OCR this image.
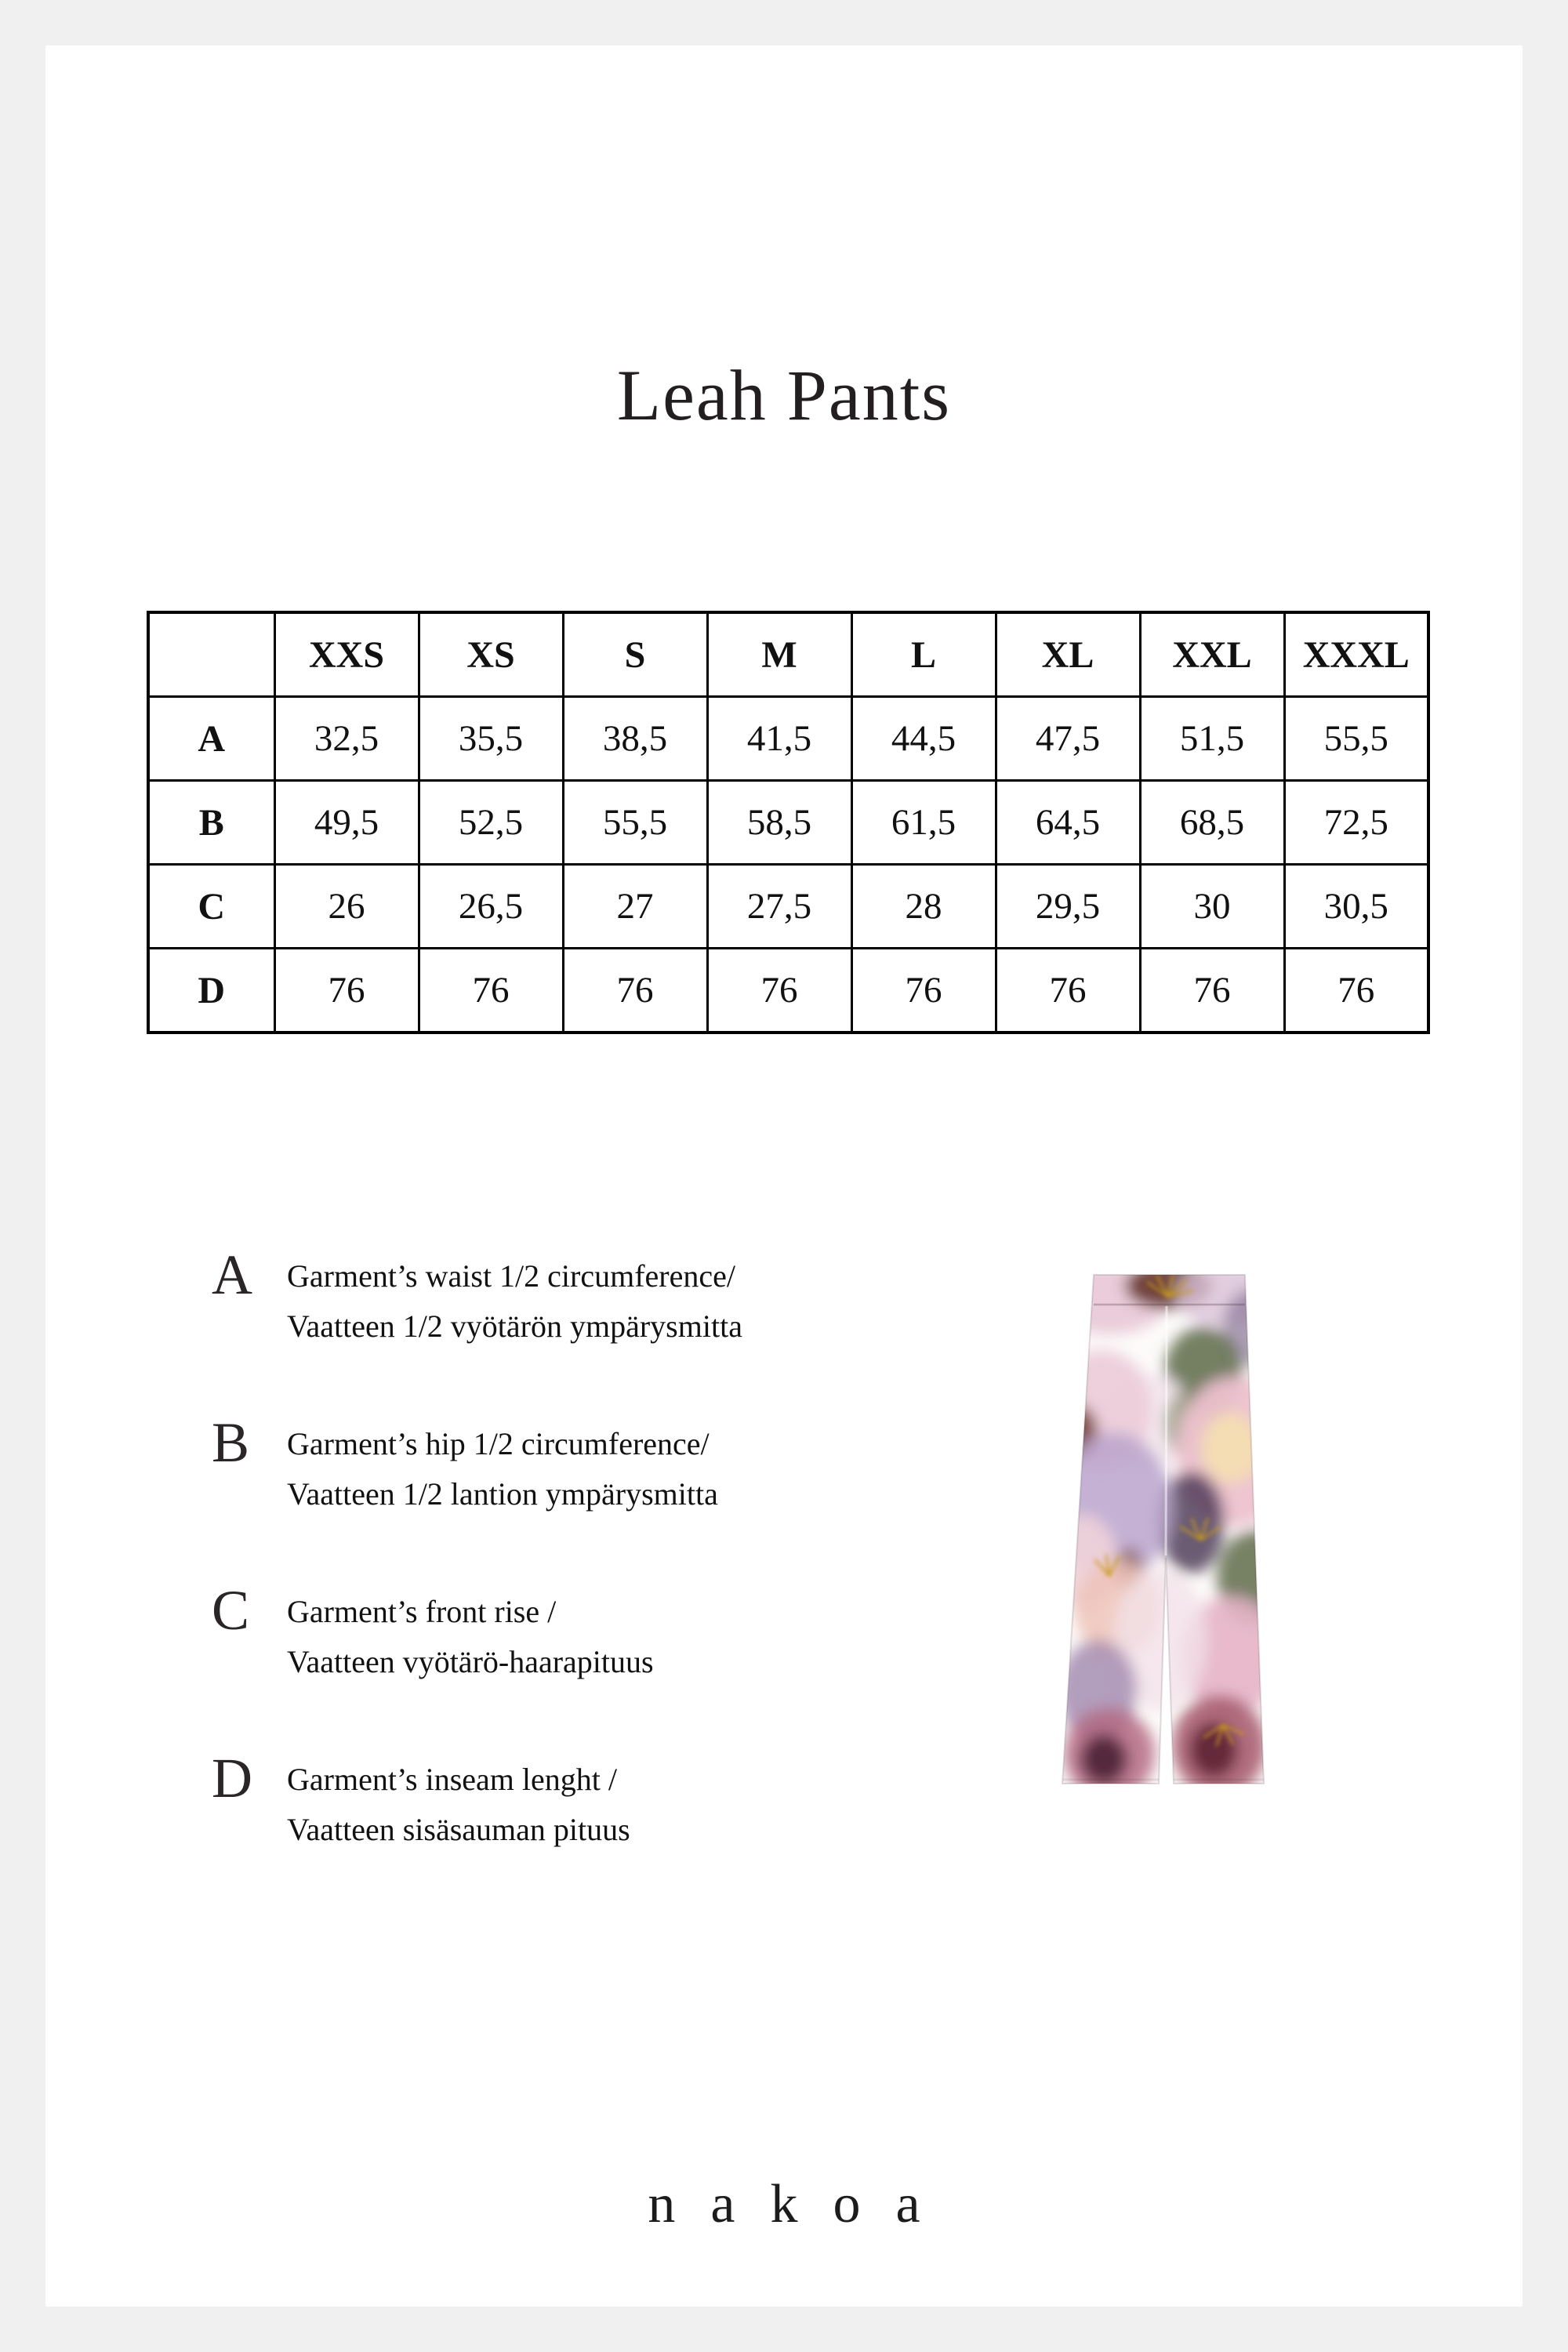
Leah Pants
	XXS	XS	S	M	L	XL	XXL	XXXL
A	32,5	35,5	38,5	41,5	44,5	47,5	51,5	55,5
B	49,5	52,5	55,5	58,5	61,5	64,5	68,5	72,5
C	26	26,5	27	27,5	28	29,5	30	30,5
D	76	76	76	76	76	76	76	76
A	Garment’s waist 1/2 circumference/
Vaatteen 1/2 vyötärön ympärysmitta
B	Garment’s hip 1/2 circumference/
Vaatteen 1/2 lantion ympärysmitta
C	Garment’s front rise /
Vaatteen vyötärö-haarapituus
D	Garment’s inseam lenght /
Vaatteen sisäsauman pituus
nakoa
